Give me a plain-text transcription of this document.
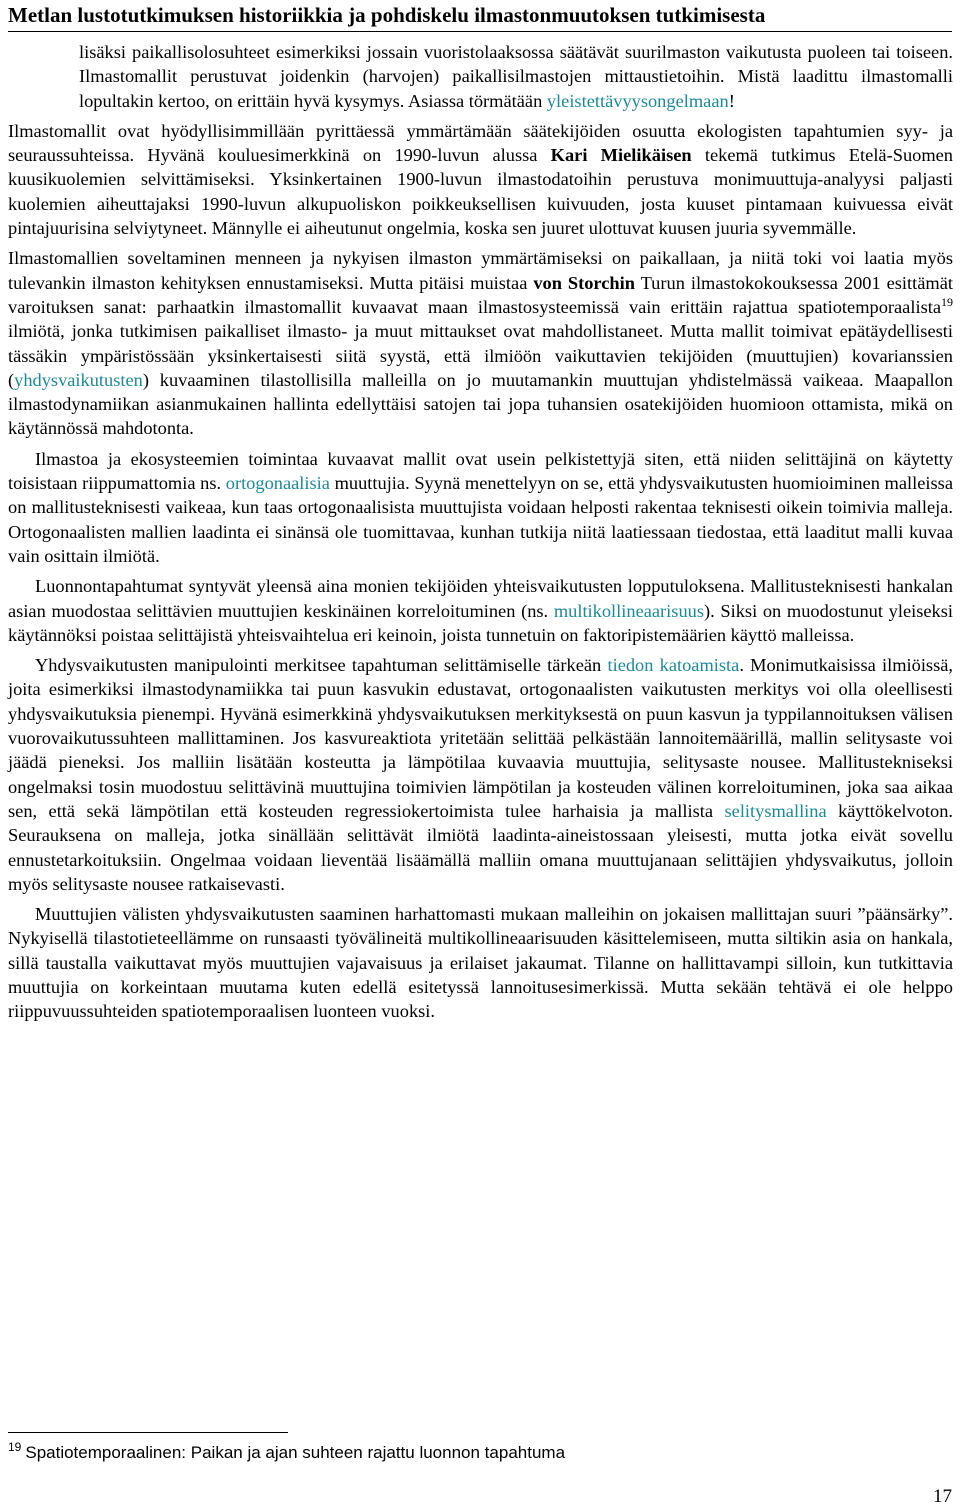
Metlan lustotutkimuksen historiikkia ja pohdiskelu ilmastonmuutoksen tutkimisesta

lisäksi paikallisolosuhteet esimerkiksi jossain vuoristolaaksossa säätävät suurilmaston vaikutusta puoleen tai toiseen. Ilmastomallit perustuvat joidenkin (harvojen) paikallisilmastojen mittaustietoihin. Mistä laadittu ilmastomalli lopultakin kertoo, on erittäin hyvä kysymys. Asiassa törmätään yleistettävyysongelmaan!

Ilmastomallit ovat hyödyllisimmillään pyrittäessä ymmärtämään säätekijöiden osuutta ekologisten tapahtumien syy- ja seuraussuhteissa. Hyvänä kouluesimerkkinä on 1990-luvun alussa Kari Mielikäisen tekemä tutkimus Etelä-Suomen kuusikuolemien selvittämiseksi. Yksinkertainen 1900-luvun ilmastodatoihin perustuva monimuuttuja-analyysi paljasti kuolemien aiheuttajaksi 1990-luvun alkupuoliskon poikkeuksellisen kuivuuden, josta kuuset pintamaan kuivuessa eivät pintajuurisina selviytyneet. Männylle ei aiheutunut ongelmia, koska sen juuret ulottuvat kuusen juuria syvemmälle.

Ilmastomallien soveltaminen menneen ja nykyisen ilmaston ymmärtämiseksi on paikallaan, ja niitä toki voi laatia myös tulevankin ilmaston kehityksen ennustamiseksi. Mutta pitäisi muistaa von Storchin Turun ilmastokokouksessa 2001 esittämät varoituksen sanat: parhaatkin ilmastomallit kuvaavat maan ilmastosysteemissä vain erittäin rajattua spatiotemporaalista$^{19}$ ilmiötä, jonka tutkimisen paikalliset ilmasto- ja muut mittaukset ovat mahdollistaneet. Mutta mallit toimivat epätäydellisesti tässäkin ympäristössään yksinkertaisesti siitä syystä, että ilmiöön vaikuttavien tekijöiden (muuttujien) kovarianssien (yhdysvaikutusten) kuvaaminen tilastollisilla malleilla on jo muutamankin muuttujan yhdistelmässä vaikeaa. Maapallon ilmastodynamiikan asianmukainen hallinta edellyttäisi satojen tai jopa tuhansien osatekijöiden huomioon ottamista, mikä on käytännössä mahdotonta.

Ilmastoa ja ekosysteemien toimintaa kuvaavat mallit ovat usein pelkistettyjä siten, että niiden selittäjinä on käytetty toisistaan riippumattomia ns. ortogonaalisia muuttujia. Syynä menettelyyn on se, että yhdysvaikutusten huomioiminen malleissa on mallitusteknisesti vaikeaa, kun taas ortogonaalisista muuttujista voidaan helposti rakentaa teknisesti oikein toimivia malleja. Ortogonaalisten mallien laadinta ei sinänsä ole tuomittavaa, kunhan tutkija niitä laatiessaan tiedostaa, että laaditut malli kuvaa vain osittain ilmiötä.

Luonnontapahtumat syntyvät yleensä aina monien tekijöiden yhteisvaikutusten lopputuloksena. Mallitusteknisesti hankalan asian muodostaa selittävien muuttujien keskinäinen korreloituminen (ns. multikollineaarisuus). Siksi on muodostunut yleiseksi käytännöksi poistaa selittäjistä yhteisvaihtelua eri keinoin, joista tunnetuin on faktoripistemäärien käyttö malleissa.

Yhdysvaikutusten manipulointi merkitsee tapahtuman selittämiselle tärkeän tiedon katoamista. Monimutkaisissa ilmiöissä, joita esimerkiksi ilmastodynamiikka tai puun kasvukin edustavat, ortogonaalisten vaikutusten merkitys voi olla oleellisesti yhdysvaikutuksia pienempi. Hyvänä esimerkkinä yhdysvaikutuksen merkityksestä on puun kasvun ja typpilannoituksen välisen vuorovaikutussuhteen mallittaminen. Jos kasvureaktiota yritetään selittää pelkästään lannoitemäärillä, mallin selitysaste voi jäädä pieneksi. Jos malliin lisätään kosteutta ja lämpötilaa kuvaavia muuttujia, selitysaste nousee. Mallitustekniseksi ongelmaksi tosin muodostuu selittävinä muuttujina toimivien lämpötilan ja kosteuden välinen korreloituminen, joka saa aikaa sen, että sekä lämpötilan että kosteuden regressiokertoimista tulee harhaisia ja mallista selitysmallina käyttökelvoton. Seurauksena on malleja, jotka sinällään selittävät ilmiötä laadinta-aineistossaan yleisesti, mutta jotka eivät sovellu ennustetarkoituksiin. Ongelmaa voidaan lieventää lisäämällä malliin omana muuttujanaan selittäjien yhdysvaikutus, jolloin myös selitysaste nousee ratkaisevasti.

Muuttujien välisten yhdysvaikutusten saaminen harhattomasti mukaan malleihin on jokaisen mallittajan suuri ”päänsärky”. Nykyisellä tilastotieteellämme on runsaasti työvälineitä multikollineaarisuuden käsittelemiseen, mutta siltikin asia on hankala, sillä taustalla vaikuttavat myös muuttujien vajavaisuus ja erilaiset jakaumat. Tilanne on hallittavampi silloin, kun tutkittavia muuttujia on korkeintaan muutama kuten edellä esitetyssä lannoitusesimerkissä. Mutta sekään tehtävä ei ole helppo riippuvuussuhteiden spatiotemporaalisen luonteen vuoksi.

$^{19}$ Spatiotemporaalinen: Paikan ja ajan suhteen rajattu luonnon tapahtuma
17
